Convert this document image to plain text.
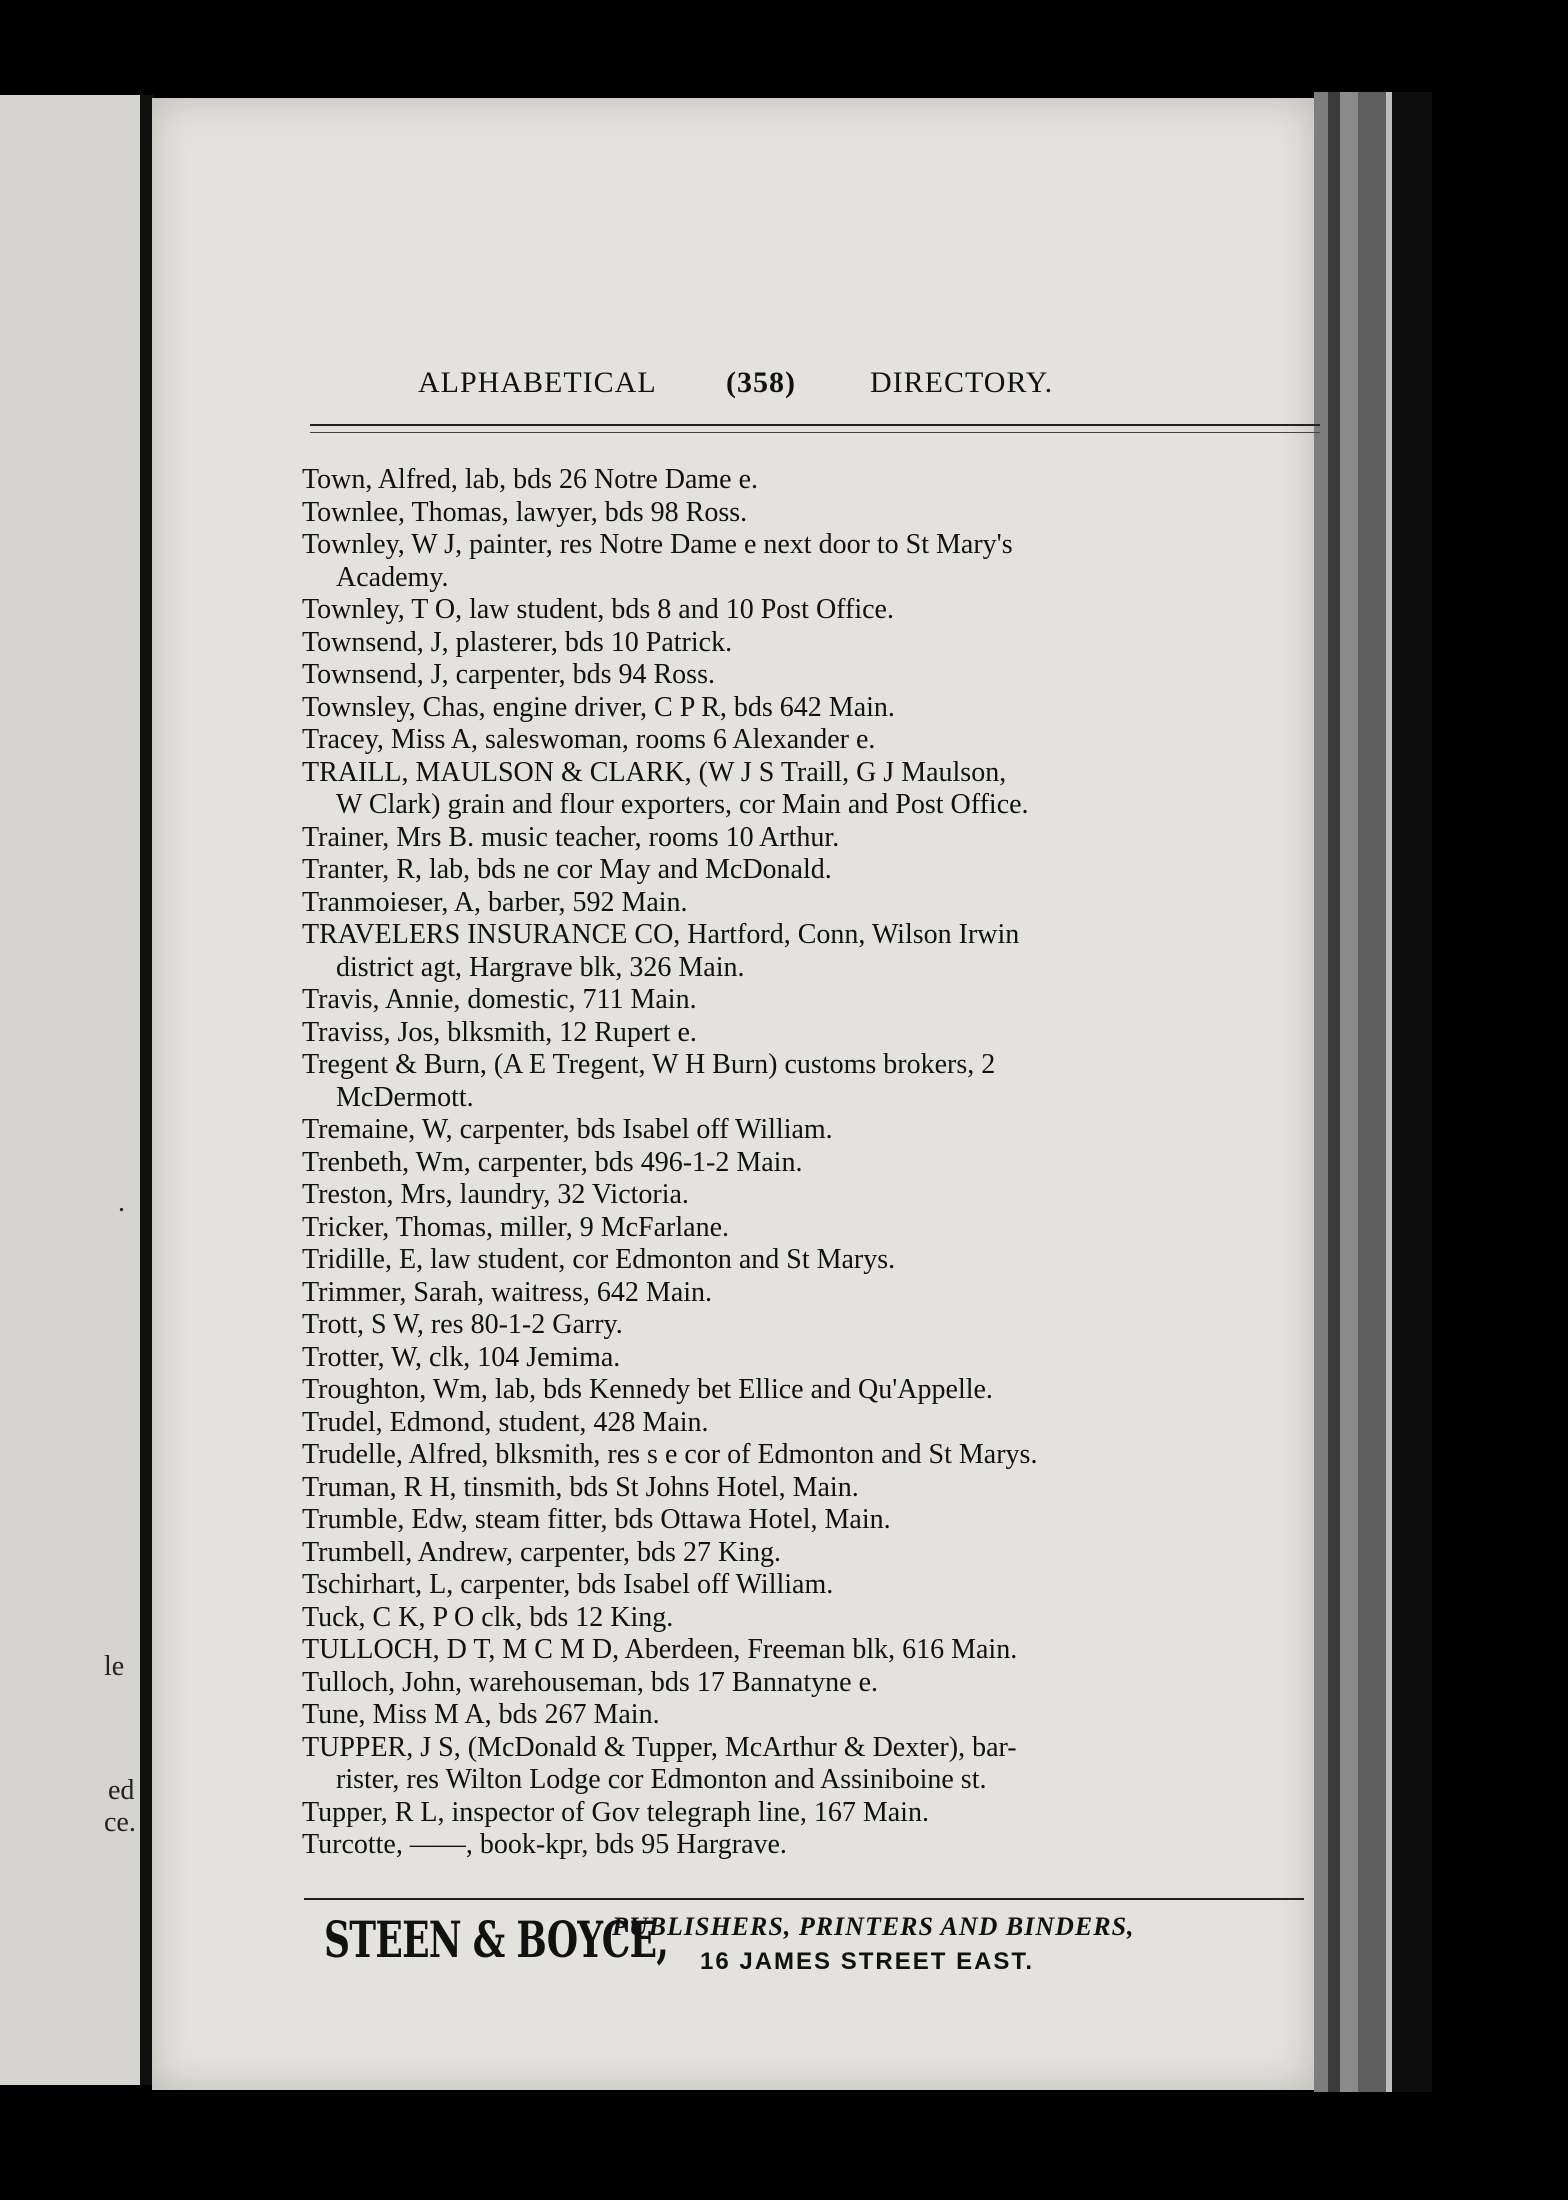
.
le
ed
ce.
ALPHABETICAL (358) DIRECTORY.
Town, Alfred, lab, bds 26 Notre Dame e.
Townlee, Thomas, lawyer, bds 98 Ross.
Townley, W J, painter, res Notre Dame e next door to St Mary's
Academy.
Townley, T O, law student, bds 8 and 10 Post Office.
Townsend, J, plasterer, bds 10 Patrick.
Townsend, J, carpenter, bds 94 Ross.
Townsley, Chas, engine driver, C P R, bds 642 Main.
Tracey, Miss A, saleswoman, rooms 6 Alexander e.
TRAILL, MAULSON & CLARK, (W J S Traill, G J Maulson,
W Clark) grain and flour exporters, cor Main and Post Office.
Trainer, Mrs B. music teacher, rooms 10 Arthur.
Tranter, R, lab, bds ne cor May and McDonald.
Tranmoieser, A, barber, 592 Main.
TRAVELERS INSURANCE CO, Hartford, Conn, Wilson Irwin
district agt, Hargrave blk, 326 Main.
Travis, Annie, domestic, 711 Main.
Traviss, Jos, blksmith, 12 Rupert e.
Tregent & Burn, (A E Tregent, W H Burn) customs brokers, 2
McDermott.
Tremaine, W, carpenter, bds Isabel off William.
Trenbeth, Wm, carpenter, bds 496-1-2 Main.
Treston, Mrs, laundry, 32 Victoria.
Tricker, Thomas, miller, 9 McFarlane.
Tridille, E, law student, cor Edmonton and St Marys.
Trimmer, Sarah, waitress, 642 Main.
Trott, S W, res 80-1-2 Garry.
Trotter, W, clk, 104 Jemima.
Troughton, Wm, lab, bds Kennedy bet Ellice and Qu'Appelle.
Trudel, Edmond, student, 428 Main.
Trudelle, Alfred, blksmith, res s e cor of Edmonton and St Marys.
Truman, R H, tinsmith, bds St Johns Hotel, Main.
Trumble, Edw, steam fitter, bds Ottawa Hotel, Main.
Trumbell, Andrew, carpenter, bds 27 King.
Tschirhart, L, carpenter, bds Isabel off William.
Tuck, C K, P O clk, bds 12 King.
TULLOCH, D T, M C M D, Aberdeen, Freeman blk, 616 Main.
Tulloch, John, warehouseman, bds 17 Bannatyne e.
Tune, Miss M A, bds 267 Main.
TUPPER, J S, (McDonald & Tupper, McArthur & Dexter), bar-
rister, res Wilton Lodge cor Edmonton and Assiniboine st.
Tupper, R L, inspector of Gov telegraph line, 167 Main.
Turcotte, ——, book-kpr, bds 95 Hargrave.
STEEN & BOYCE,
PUBLISHERS, PRINTERS AND BINDERS,
16 JAMES STREET EAST.
